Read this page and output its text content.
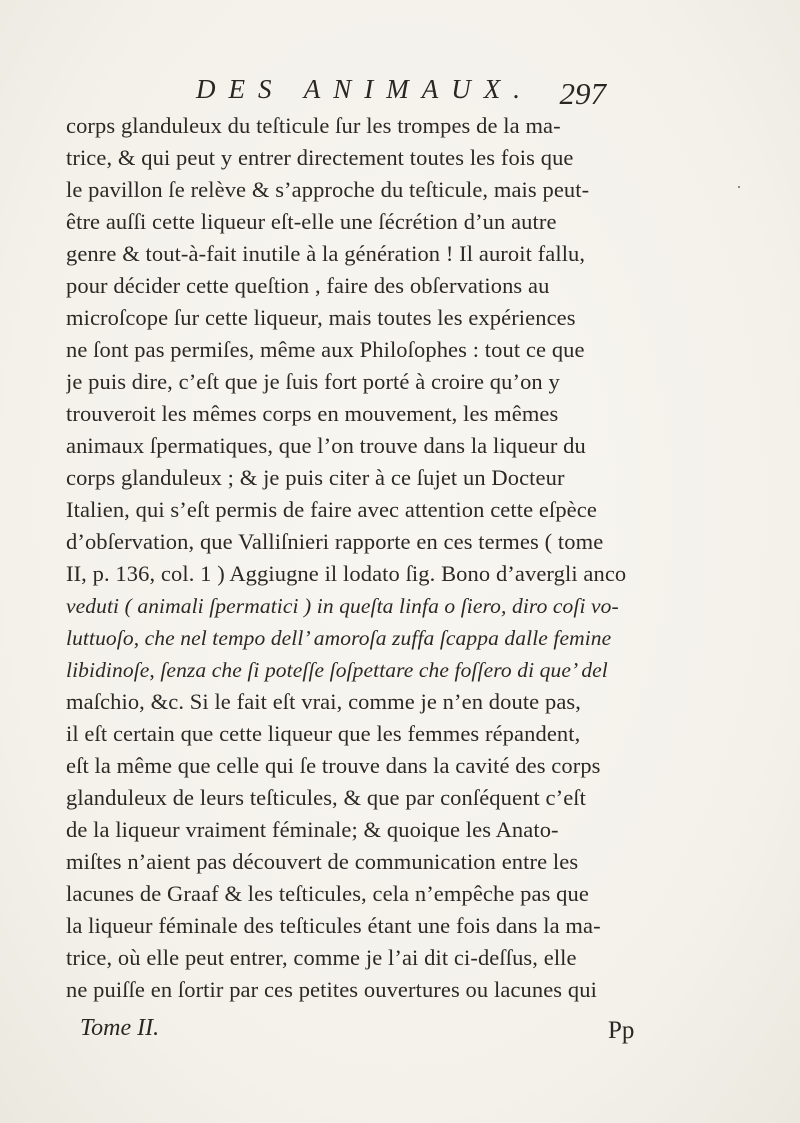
DES ANIMAUX. 297
corps glanduleux du teſticule ſur les trompes de la ma-
trice, & qui peut y entrer directement toutes les fois que
le pavillon ſe relève & s’approche du teſticule, mais peut-
être auſſi cette liqueur eſt-elle une ſécrétion d’un autre
genre & tout-à-fait inutile à la génération ! Il auroit fallu,
pour décider cette queſtion , faire des obſervations au
microſcope ſur cette liqueur, mais toutes les expériences
ne ſont pas permiſes, même aux Philoſophes : tout ce que
je puis dire, c’eſt que je ſuis fort porté à croire qu’on y
trouveroit les mêmes corps en mouvement, les mêmes
animaux ſpermatiques, que l’on trouve dans la liqueur du
corps glanduleux ; & je puis citer à ce ſujet un Docteur
Italien, qui s’eſt permis de faire avec attention cette eſpèce
d’obſervation, que Valliſnieri rapporte en ces termes ( tome
II, p. 136, col. 1 ) Aggiugne il lodato ſig. Bono d’avergli anco
veduti ( animali ſpermatici ) in queſta linfa o ſiero, diro coſi vo-
luttuoſo, che nel tempo dell’ amoroſa zuffa ſcappa dalle femine
libidinoſe, ſenza che ſi poteſſe ſoſpettare che foſſero di que’ del
maſchio, &c. Si le fait eſt vrai, comme je n’en doute pas,
il eſt certain que cette liqueur que les femmes répandent,
eſt la même que celle qui ſe trouve dans la cavité des corps
glanduleux de leurs teſticules, & que par conſéquent c’eſt
de la liqueur vraiment féminale; & quoique les Anato-
miſtes n’aient pas découvert de communication entre les
lacunes de Graaf & les teſticules, cela n’empêche pas que
la liqueur féminale des teſticules étant une fois dans la ma-
trice, où elle peut entrer, comme je l’ai dit ci-deſſus, elle
ne puiſſe en ſortir par ces petites ouvertures ou lacunes qui
Tome II.	Pp
